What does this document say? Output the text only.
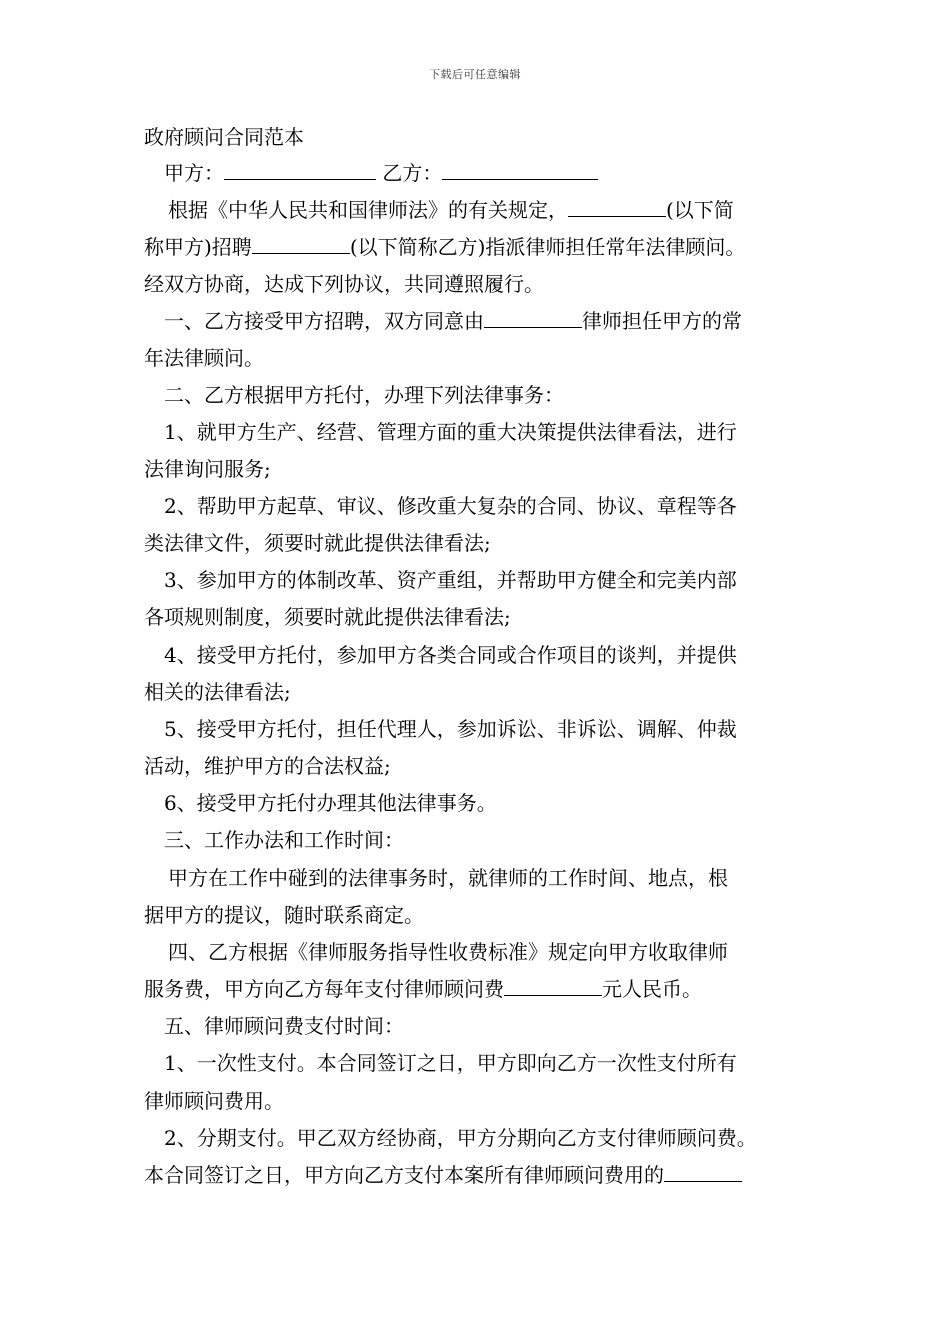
下载后可任意编辑
政府顾问合同范本
甲方：	乙方：
根据《中华人民共和国律师法》的有关规定，	(以下简
称甲方)招聘	(以下简称乙方)指派律师担任常年法律顾问。
经双方协商，达成下列协议，共同遵照履行。
一、乙方接受甲方招聘，双方同意由	律师担任甲方的常
年法律顾问。
二、乙方根据甲方托付，办理下列法律事务：
1、就甲方生产、经营、管理方面的重大决策提供法律看法，进行
法律询问服务;
2、帮助甲方起草、审议、修改重大复杂的合同、协议、章程等各
类法律文件，须要时就此提供法律看法;
3、参加甲方的体制改革、资产重组，并帮助甲方健全和完美内部
各项规则制度，须要时就此提供法律看法;
4、接受甲方托付，参加甲方各类合同或合作项目的谈判，并提供
相关的法律看法;
5、接受甲方托付，担任代理人，参加诉讼、非诉讼、调解、仲裁
活动，维护甲方的合法权益;
6、接受甲方托付办理其他法律事务。
三、工作办法和工作时间：
甲方在工作中碰到的法律事务时，就律师的工作时间、地点，根
据甲方的提议，随时联系商定。
四、乙方根据《律师服务指导性收费标准》规定向甲方收取律师
服务费，甲方向乙方每年支付律师顾问费	元人民币。
五、律师顾问费支付时间：
1、一次性支付。本合同签订之日，甲方即向乙方一次性支付所有
律师顾问费用。
2、分期支付。甲乙双方经协商，甲方分期向乙方支付律师顾问费。
本合同签订之日，甲方向乙方支付本案所有律师顾问费用的
